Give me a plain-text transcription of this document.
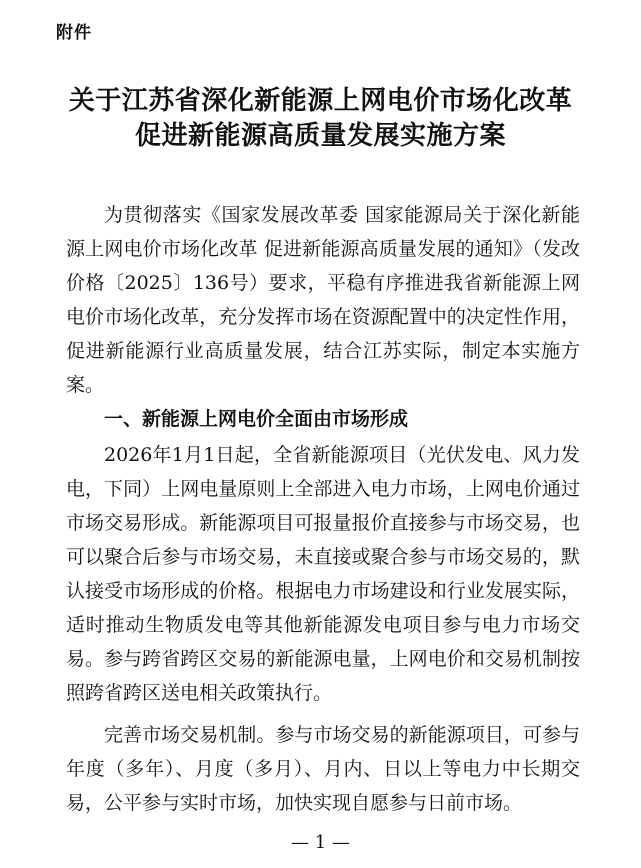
附件
关于江苏省深化新能源上网电价市场化改革
促进新能源高质量发展实施方案

为贯彻落实《国家发展改革委 国家能源局关于深化新能源上网电价市场化改革 促进新能源高质量发展的通知》（发改价格〔2025〕136号）要求，平稳有序推进我省新能源上网电价市场化改革，充分发挥市场在资源配置中的决定性作用，促进新能源行业高质量发展，结合江苏实际，制定本实施方案。

一、新能源上网电价全面由市场形成

2026年1月1日起，全省新能源项目（光伏发电、风力发电，下同）上网电量原则上全部进入电力市场，上网电价通过市场交易形成。新能源项目可报量报价直接参与市场交易，也可以聚合后参与市场交易，未直接或聚合参与市场交易的，默认接受市场形成的价格。根据电力市场建设和行业发展实际，适时推动生物质发电等其他新能源发电项目参与电力市场交易。参与跨省跨区交易的新能源电量，上网电价和交易机制按照跨省跨区送电相关政策执行。

完善市场交易机制。参与市场交易的新能源项目，可参与年度（多年）、月度（多月）、月内、日以上等电力中长期交易，公平参与实时市场，加快实现自愿参与日前市场。

— 1 —
